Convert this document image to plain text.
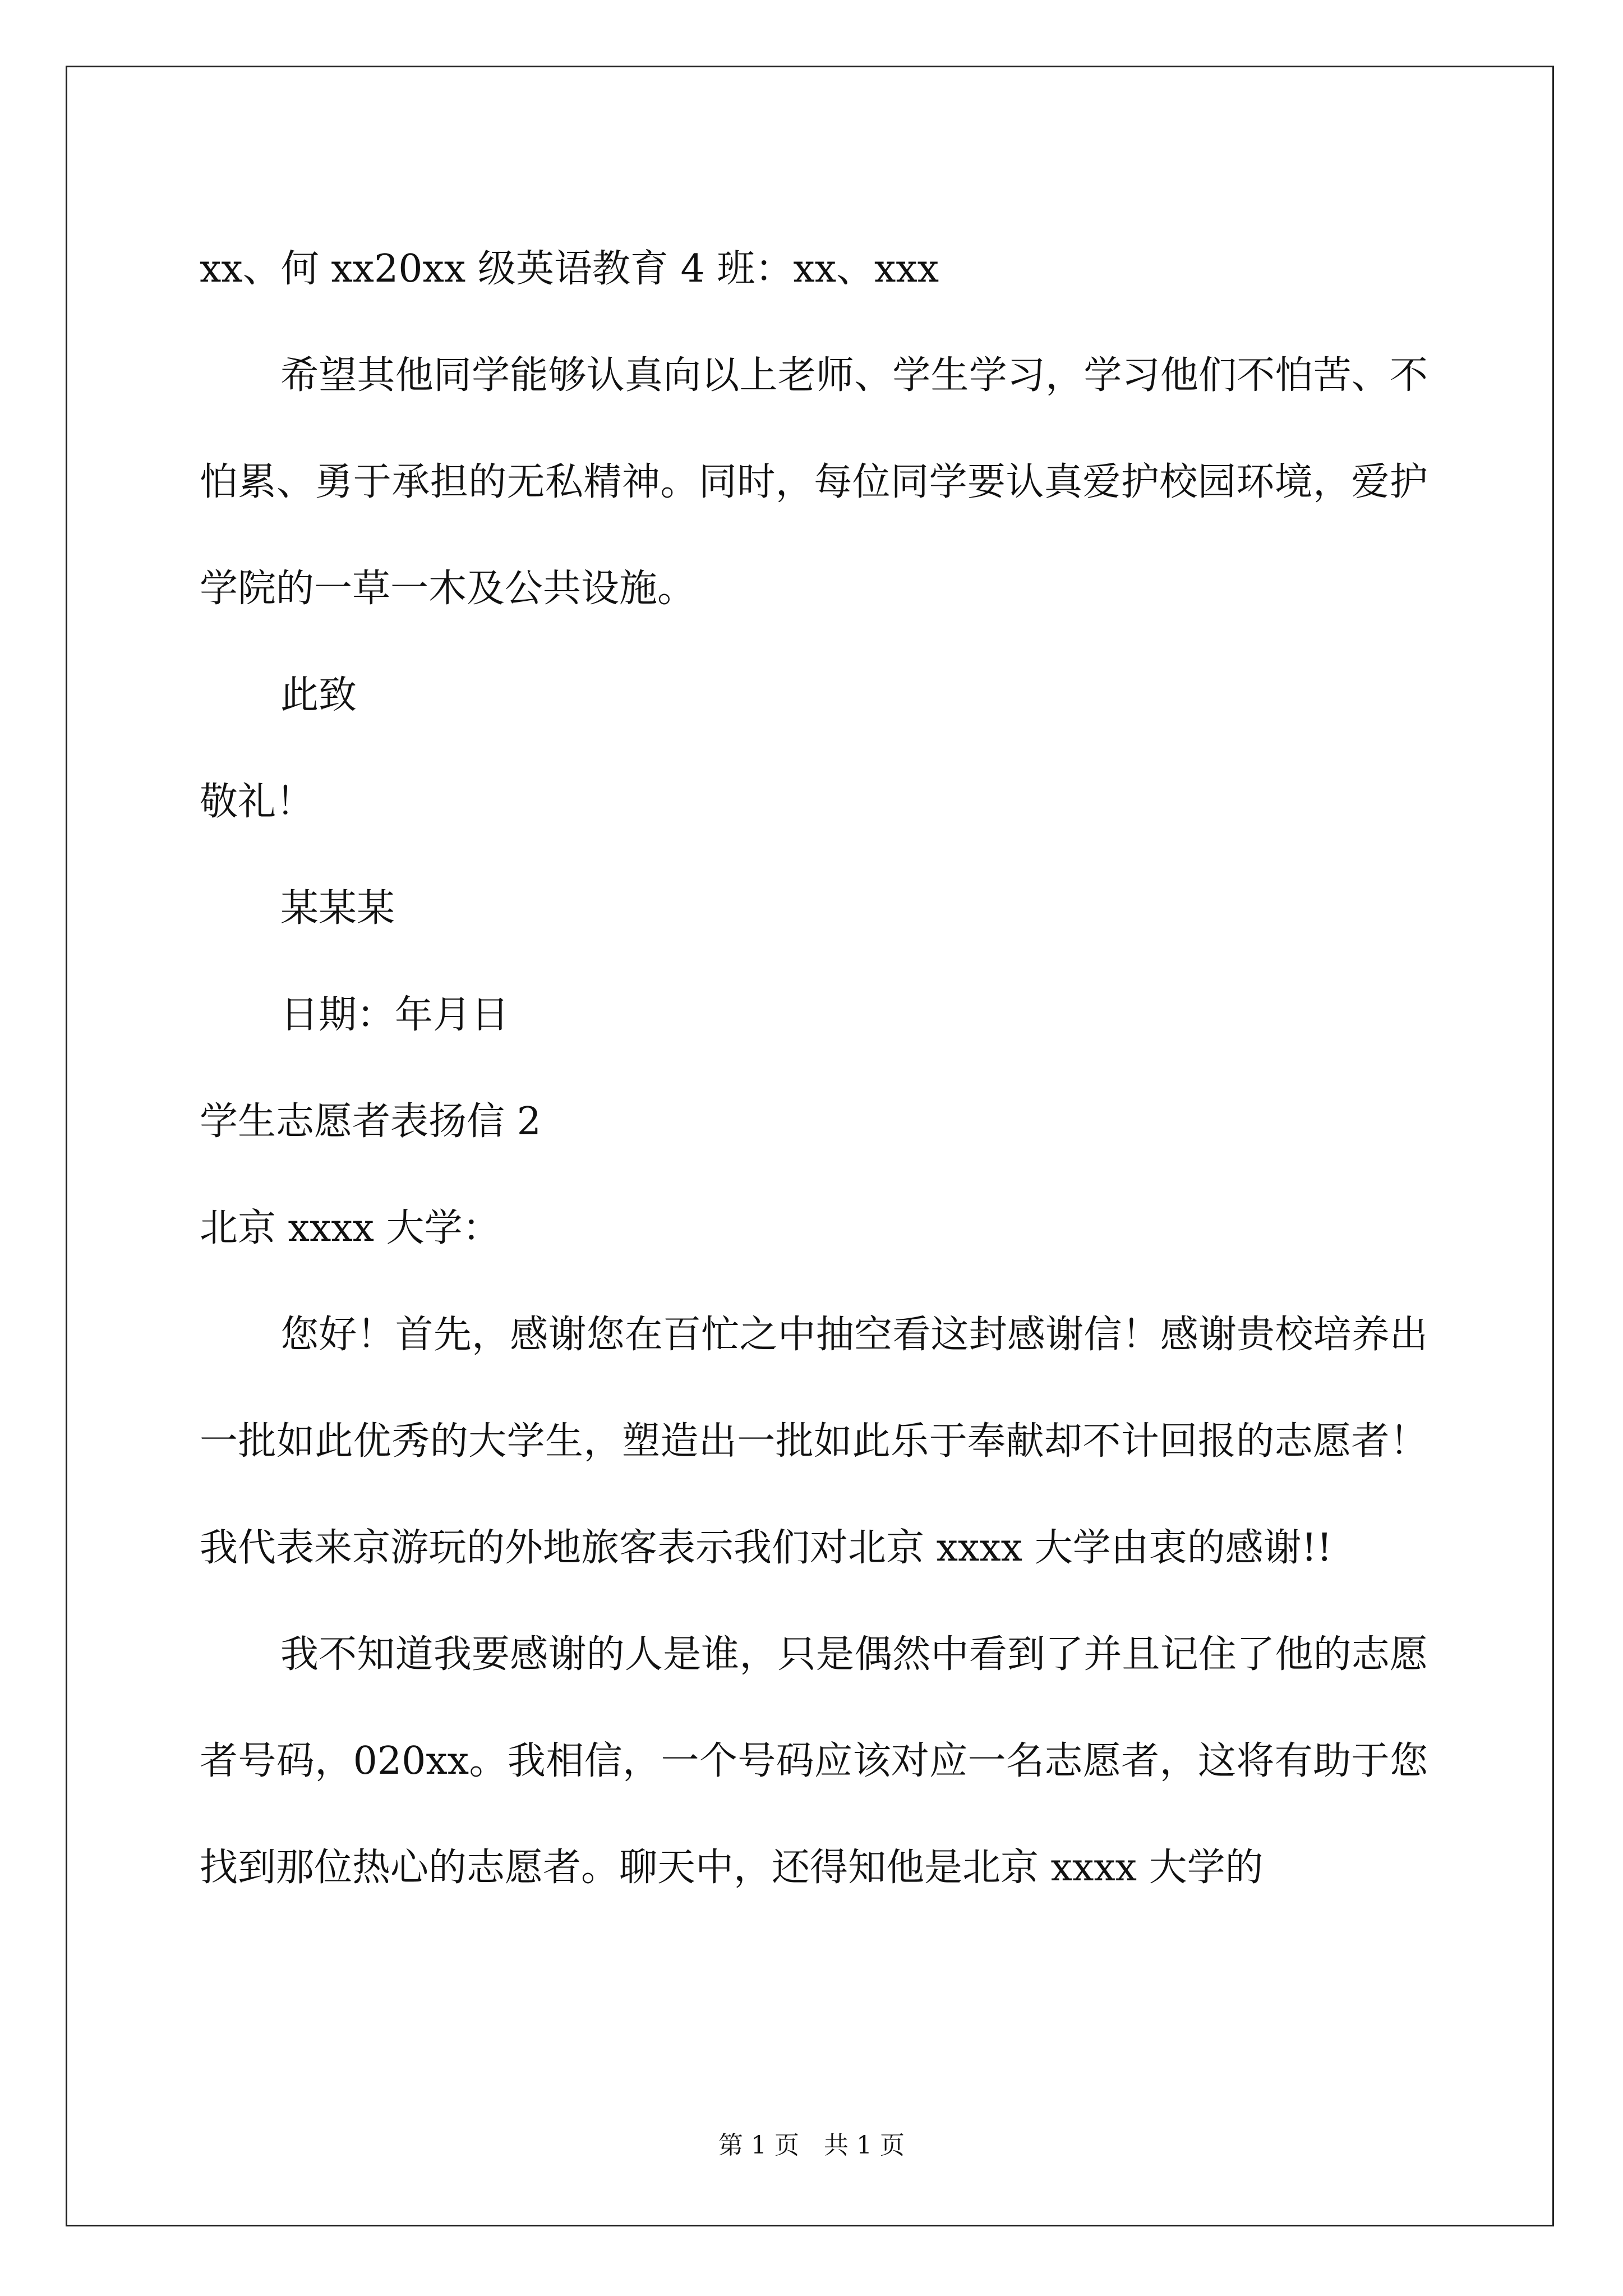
xx、何 xx20xx 级英语教育 4 班：xx、xxx

希望其他同学能够认真向以上老师、学生学习，学习他们不怕苦、不怕累、勇于承担的无私精神。同时，每位同学要认真爱护校园环境，爱护学院的一草一木及公共设施。

此致

敬礼！

某某某

日期：年月日

学生志愿者表扬信 2

北京 xxxx 大学：

您好！首先，感谢您在百忙之中抽空看这封感谢信！感谢贵校培养出一批如此优秀的大学生，塑造出一批如此乐于奉献却不计回报的志愿者！我代表来京游玩的外地旅客表示我们对北京 xxxx 大学由衷的感谢!!

我不知道我要感谢的人是谁，只是偶然中看到了并且记住了他的志愿者号码，020xx。我相信，一个号码应该对应一名志愿者，这将有助于您找到那位热心的志愿者。聊天中，还得知他是北京 xxxx 大学的

第 1 页　共 1 页
